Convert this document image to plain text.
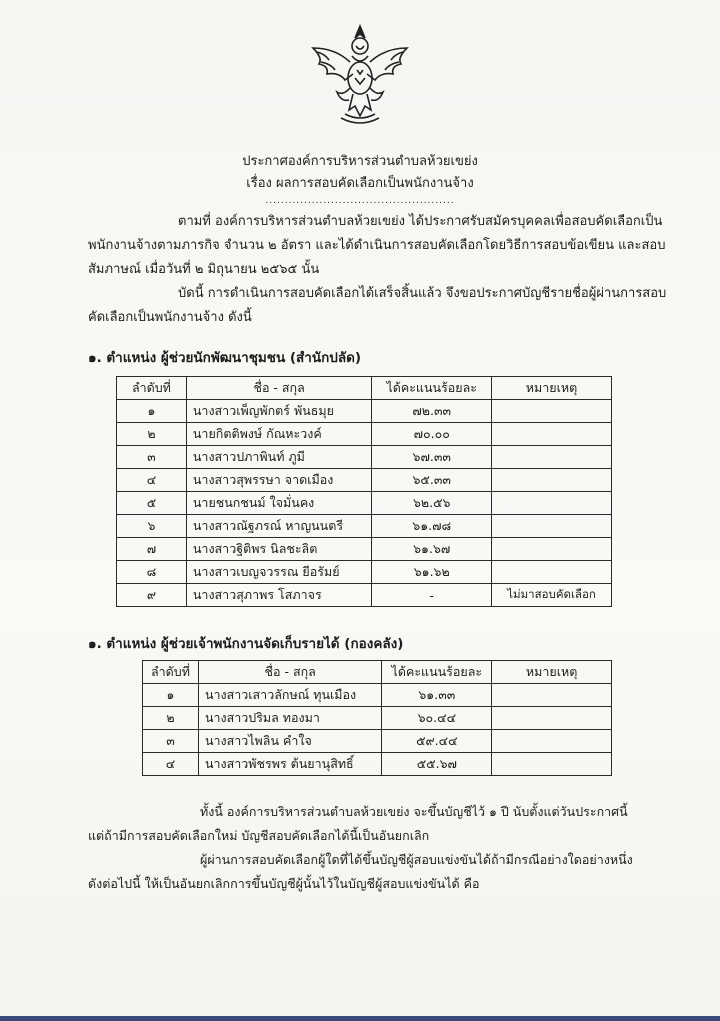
ประกาศองค์การบริหารส่วนตำบลห้วยเขย่ง
เรื่อง ผลการสอบคัดเลือกเป็นพนักงานจ้าง
.................................................
ตามที่ องค์การบริหารส่วนตำบลห้วยเขย่ง ได้ประกาศรับสมัครบุคคลเพื่อสอบคัดเลือกเป็น
พนักงานจ้างตามภารกิจ จำนวน ๒ อัตรา และได้ดำเนินการสอบคัดเลือกโดยวิธีการสอบข้อเขียน และสอบ
สัมภาษณ์ เมื่อวันที่ ๒ มิถุนายน ๒๕๖๕ นั้น
บัดนี้ การดำเนินการสอบคัดเลือกได้เสร็จสิ้นแล้ว จึงขอประกาศบัญชีรายชื่อผู้ผ่านการสอบ
คัดเลือกเป็นพนักงานจ้าง ดังนี้
๑. ตำแหน่ง ผู้ช่วยนักพัฒนาชุมชน (สำนักปลัด)
ลำดับที่	ชื่อ - สกุล	ได้คะแนนร้อยละ	หมายเหตุ
๑	นางสาวเพ็ญพักตร์ พันธมุย	๗๒.๓๓	
๒	นายกิตติพงษ์ กัณหะวงค์	๗๐.๐๐	
๓	นางสาวปภาพินท์ ภูมี	๖๗.๓๓	
๔	นางสาวสุพรรษา จาดเมือง	๖๕.๓๓	
๕	นายชนกชนม์ ใจมั่นคง	๖๒.๕๖	
๖	นางสาวณัฐภรณ์ หาญนนตรี	๖๑.๗๘	
๗	นางสาวฐิติพร นิลชะลิต	๖๑.๖๗	
๘	นางสาวเบญจวรรณ ยีอรัมย์	๖๑.๖๒	
๙	นางสาวสุภาพร โสภาจร	-	ไม่มาสอบคัดเลือก
๑. ตำแหน่ง ผู้ช่วยเจ้าพนักงานจัดเก็บรายได้ (กองคลัง)
ลำดับที่	ชื่อ - สกุล	ได้คะแนนร้อยละ	หมายเหตุ
๑	นางสาวเสาวลักษณ์ ทุนเมือง	๖๑.๓๓	
๒	นางสาวปริมล ทองมา	๖๐.๔๔	
๓	นางสาวไพลิน คำใจ	๕๙.๔๔	
๔	นางสาวพัชรพร ต้นยานุสิทธิ์	๕๕.๖๗	
ทั้งนี้ องค์การบริหารส่วนตำบลห้วยเขย่ง จะขึ้นบัญชีไว้ ๑ ปี นับตั้งแต่วันประกาศนี้
แต่ถ้ามีการสอบคัดเลือกใหม่ บัญชีสอบคัดเลือกได้นี้เป็นอันยกเลิก
ผู้ผ่านการสอบคัดเลือกผู้ใดที่ได้ขึ้นบัญชีผู้สอบแข่งขันได้ถ้ามีกรณีอย่างใดอย่างหนึ่ง
ดังต่อไปนี้ ให้เป็นอันยกเลิกการขึ้นบัญชีผู้นั้นไว้ในบัญชีผู้สอบแข่งขันได้ คือ
